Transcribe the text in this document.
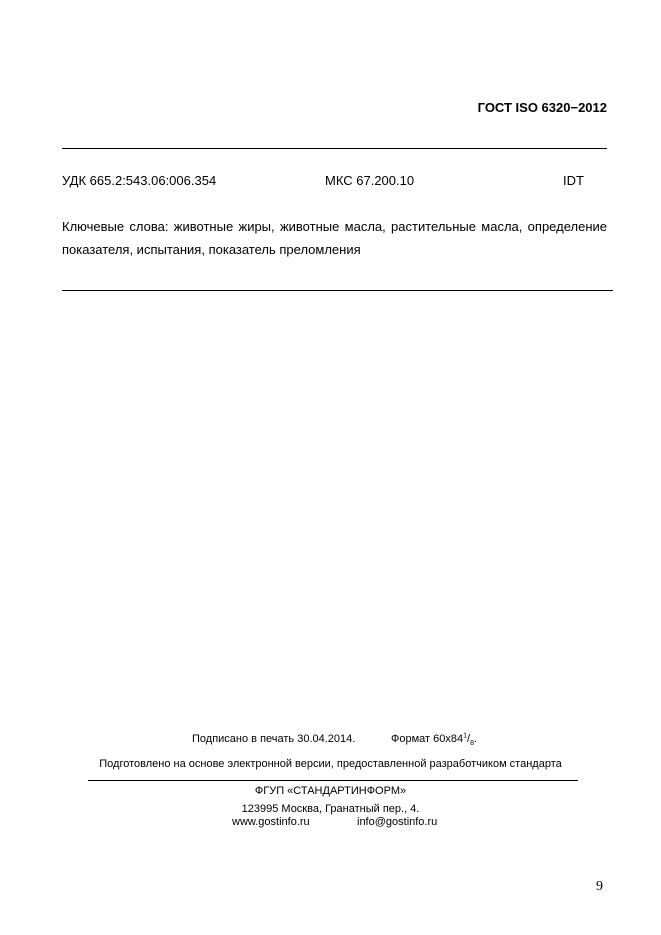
ГОСТ ISO 6320−2012
УДК 665.2:543.06:006.354	МКС 67.200.10	IDT
Ключевые слова: животные жиры, животные масла, растительные масла, определение показателя, испытания, показатель преломления
Подписано в печать 30.04.2014.	Формат $60x84^1/_8$.
Подготовлено на основе электронной версии, предоставленной разработчиком стандарта
ФГУП «СТАНДАРТИНФОРМ»
123995 Москва, Гранатный пер., 4.
www.gostinfo.ru	info@gostinfo.ru
9
